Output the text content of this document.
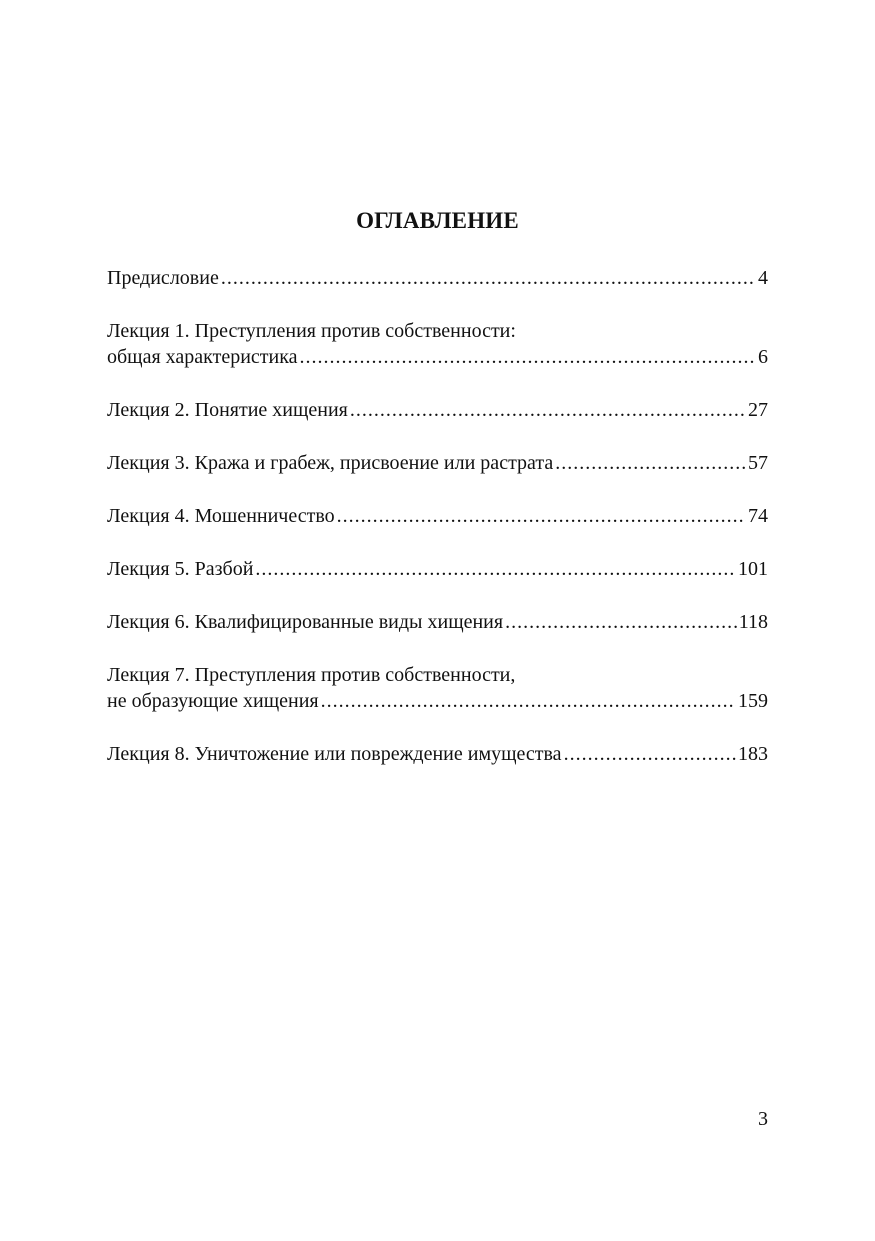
ОГЛАВЛЕНИЕ
Предисловие .....	4
Лекция 1. Преступления против собственности:
общая характеристика .....	6
Лекция 2. Понятие хищения .....	27
Лекция 3. Кража и грабеж, присвоение или растрата .....	57
Лекция 4. Мошенничество .....	74
Лекция 5. Разбой .....	101
Лекция 6. Квалифицированные виды хищения .....	118
Лекция 7. Преступления против собственности,
не образующие хищения .....	159
Лекция 8. Уничтожение или повреждение имущества .....	183
3
